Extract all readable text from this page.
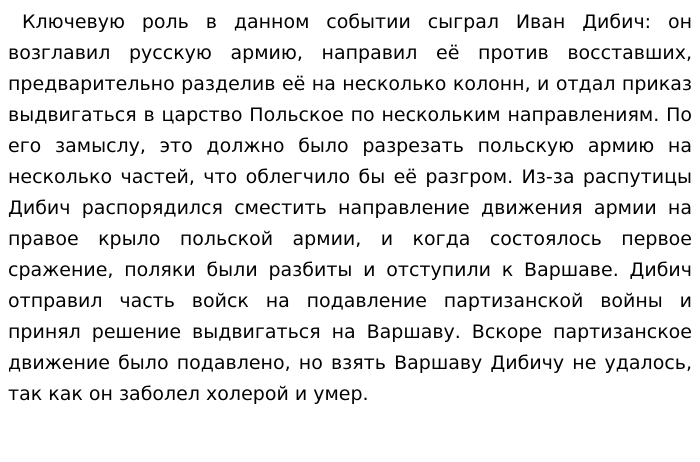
Ключевую роль в данном событии сыграл Иван Дибич: он возглавил русскую армию, направил её против восставших, предварительно разделив её на несколько колонн, и отдал приказ выдвигаться в царство Польское по нескольким направлениям. По его замыслу, это должно было разрезать польскую армию на несколько частей, что облегчило бы её разгром. Из-за распутицы Дибич распорядился сместить направление движения армии на правое крыло польской армии, и когда состоялось первое сражение, поляки были разбиты и отступили к Варшаве. Дибич отправил часть войск на подавление партизанской войны и принял решение выдвигаться на Варшаву. Вскоре партизанское движение было подавлено, но взять Варшаву Дибичу не удалось, так как он заболел холерой и умер.
